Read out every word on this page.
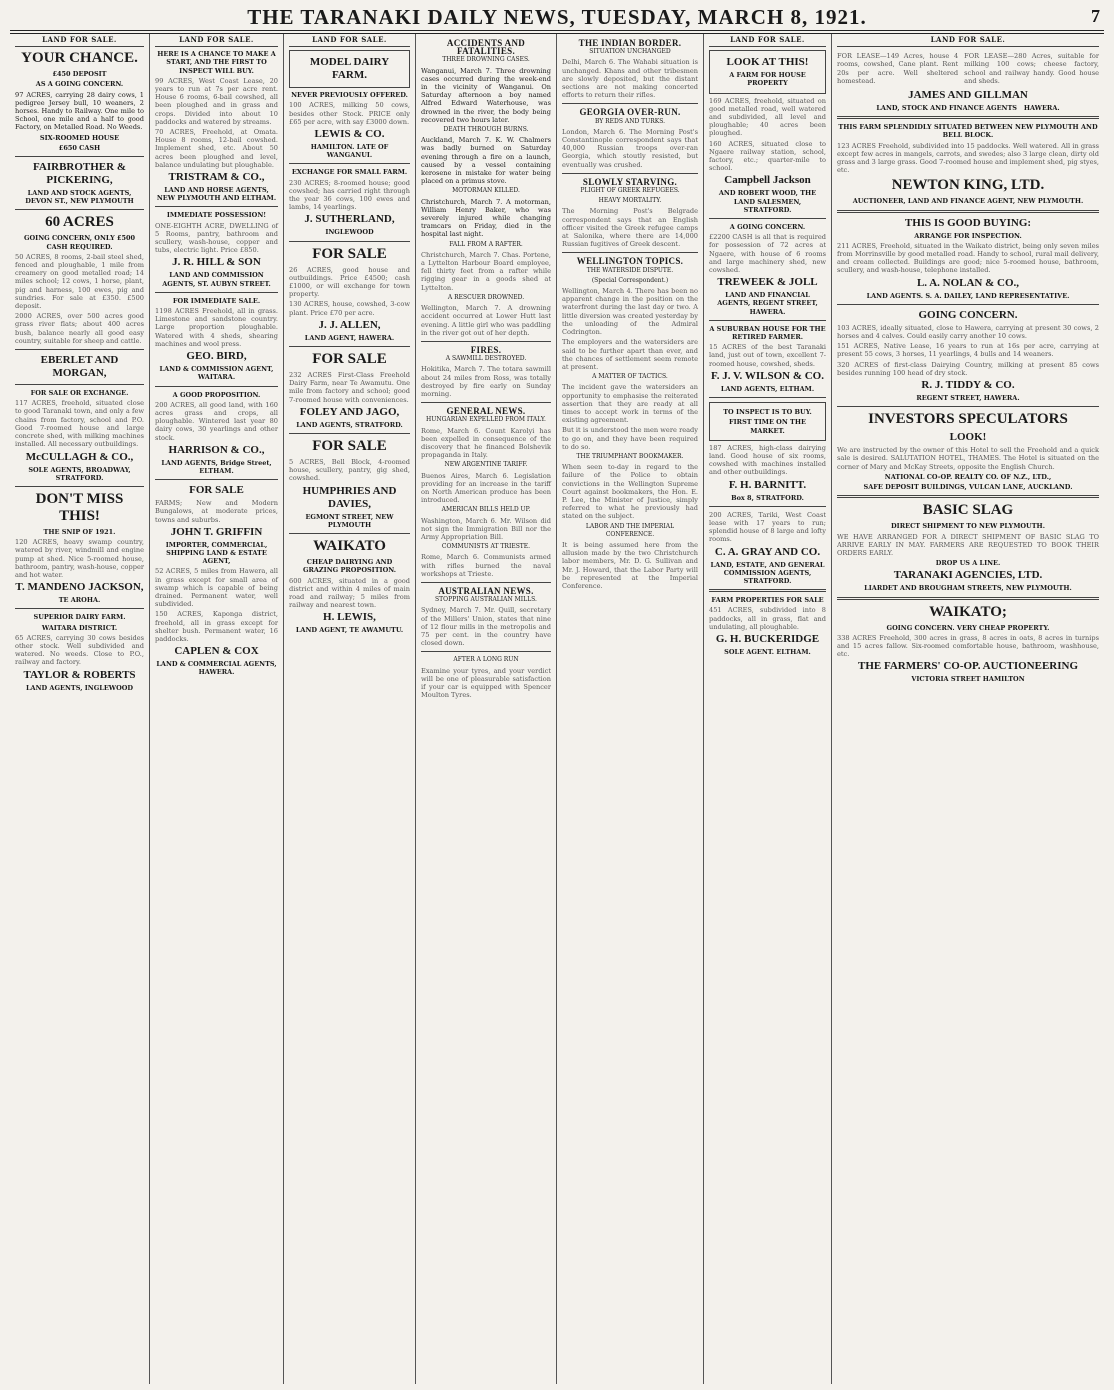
THE TARANAKI DAILY NEWS, TUESDAY, MARCH 8, 1921.	7
LAND FOR SALE.
YOUR CHANCE.
£450 DEPOSIT
AS A GOING CONCERN.

97 ACRES, carrying 28 dairy cows, 1 pedigree Jersey bull, 10 weaners, 2 horses. Handy to Railway. One mile to School, one mile and a half to good Factory, on Metalled Road. No Weeds.

SIX-ROOMED HOUSE
£650 CASH
FAIRBROTHER & PICKERING,
LAND AND STOCK AGENTS, DEVON ST., NEW PLYMOUTH
60 ACRES
GOING CONCERN, ONLY £500 CASH REQUIRED.

50 ACRES, 8 rooms, 2-bail steel shed, fenced and ploughable, 1 mile from creamery on good metalled road; 14 miles school; 12 cows, 1 horse, plant, pig and harness, 100 ewes, pig and sundries. For sale at £350. £500 deposit.

2000 ACRES, over 500 acres good grass river flats; about 400 acres bush, balance nearly all good easy country, suitable for sheep and cattle.

EBERLET AND MORGAN,
FOR SALE OR EXCHANGE.

117 ACRES, freehold, situated close to good Taranaki town, and only a few chains from factory, school and P.O. Good 7-roomed house and large concrete shed, with milking machines installed. All necessary outbuildings.

McCULLAGH & CO.,
SOLE AGENTS, BROADWAY, STRATFORD.
DON'T MISS THIS!
THE SNIP OF 1921.

120 ACRES, heavy swamp country, watered by river, windmill and engine pump at shed. Nice 5-roomed house, bathroom, pantry, wash-house, copper and hot water.

T. MANDENO JACKSON,
TE AROHA.
SUPERIOR DAIRY FARM.
WAITARA DISTRICT.

65 ACRES, carrying 30 cows besides other stock. Well subdivided and watered. No weeds. Close to P.O., railway and factory.

TAYLOR & ROBERTS
LAND AGENTS, INGLEWOOD
LAND FOR SALE.
HERE IS A CHANCE TO MAKE A START, AND THE FIRST TO INSPECT WILL BUY.

99 ACRES, West Coast Lease, 20 years to run at 7s per acre rent. House 6 rooms, 6-bail cowshed, all been ploughed and in grass and crops. Divided into about 10 paddocks and watered by streams.

70 ACRES, Freehold, at Omata. House 8 rooms, 12-bail cowshed. Implement shed, etc. About 50 acres been ploughed and level, balance undulating but ploughable.

TRISTRAM & CO.,
LAND AND HORSE AGENTS, NEW PLYMOUTH AND ELTHAM.
IMMEDIATE POSSESSION!

ONE-EIGHTH ACRE, DWELLING of 5 Rooms, pantry, bathroom and scullery, wash-house, copper and tubs, electric light. Price £850.

J. R. HILL & SON
LAND AND COMMISSION AGENTS, ST. AUBYN STREET.
FOR IMMEDIATE SALE.

1198 ACRES Freehold, all in grass. Limestone and sandstone country. Large proportion ploughable. Watered with 4 sheds, shearing machines and wool press.

GEO. BIRD,
LAND & COMMISSION AGENT, WAITARA.
A GOOD PROPOSITION.

200 ACRES, all good land, with 160 acres grass and crops, all ploughable. Wintered last year 80 dairy cows, 30 yearlings and other stock.

HARRISON & CO.,
LAND AGENTS, Bridge Street, ELTHAM.
FOR SALE

FARMS; New and Modern Bungalows, at moderate prices, towns and suburbs.

JOHN T. GRIFFIN
IMPORTER, COMMERCIAL, SHIPPING LAND & ESTATE AGENT,

52 ACRES, 5 miles from Hawera, all in grass except for small area of swamp which is capable of being drained. Permanent water, well subdivided.

150 ACRES, Kaponga district, freehold, all in grass except for shelter bush. Permanent water, 16 paddocks.

CAPLEN & COX
LAND & COMMERCIAL AGENTS, HAWERA.
LAND FOR SALE.
MODEL DAIRY FARM.
NEVER PREVIOUSLY OFFERED.

100 ACRES, milking 50 cows, besides other Stock. PRICE only £65 per acre, with say £3000 down.

LEWIS & CO.
HAMILTON. LATE OF WANGANUI.
EXCHANGE FOR SMALL FARM.

230 ACRES; 8-roomed house; good cowshed; has carried right through the year 36 cows, 100 ewes and lambs, 14 yearlings.

J. SUTHERLAND,
INGLEWOOD
FOR SALE

26 ACRES, good house and outbuildings. Price £4500; cash £1000, or will exchange for town property.

130 ACRES, house, cowshed, 3-cow plant. Price £70 per acre.

J. J. ALLEN,
LAND AGENT, HAWERA.
FOR SALE

232 ACRES First-Class Freehold Dairy Farm, near Te Awamutu. One mile from factory and school; good 7-roomed house with conveniences.

FOLEY AND JAGO,
LAND AGENTS, STRATFORD.
FOR SALE

5 ACRES, Bell Block, 4-roomed house, scullery, pantry, gig shed, cowshed.

HUMPHRIES AND DAVIES,
EGMONT STREET, NEW PLYMOUTH
WAIKATO
CHEAP DAIRYING AND GRAZING PROPOSITION.

600 ACRES, situated in a good district and within 4 miles of main road and railway; 5 miles from railway and nearest town.

H. LEWIS,
LAND AGENT, TE AWAMUTU.
ACCIDENTS AND FATALITIES.
THREE DROWNING CASES.

Wanganui, March 7. Three drowning cases occurred during the week-end in the vicinity of Wanganui. On Saturday afternoon a boy named Alfred Edward Waterhouse, was drowned in the river, the body being recovered two hours later.

DEATH THROUGH BURNS.

Auckland, March 7. K. W. Chalmers was badly burned on Saturday evening through a fire on a launch, caused by a vessel containing kerosene in mistake for water being placed on a primus stove.

MOTORMAN KILLED.

Christchurch, March 7. A motorman, William Henry Baker, who was severely injured while changing tramcars on Friday, died in the hospital last night.

FALL FROM A RAFTER.

Christchurch, March 7. Chas. Portene, a Lyttelton Harbour Board employee, fell thirty feet from a rafter while rigging gear in a goods shed at Lyttelton.

A RESCUER DROWNED.

Wellington, March 7. A drowning accident occurred at Lower Hutt last evening. A little girl who was paddling in the river got out of her depth.

FIRES.
A SAWMILL DESTROYED.

Hokitika, March 7. The totara sawmill about 24 miles from Ross, was totally destroyed by fire early on Sunday morning.

GENERAL NEWS.
HUNGARIAN EXPELLED FROM ITALY.

Rome, March 6. Count Karolyi has been expelled in consequence of the discovery that he financed Bolshevik propaganda in Italy.

NEW ARGENTINE TARIFF.

Buenos Aires, March 6. Legislation providing for an increase in the tariff on North American produce has been introduced.

AMERICAN BILLS HELD UP.

Washington, March 6. Mr. Wilson did not sign the Immigration Bill nor the Army Appropriation Bill.

COMMUNISTS AT TRIESTE.

Rome, March 6. Communists armed with rifles burned the naval workshops at Trieste.

AUSTRALIAN NEWS.
STOPPING AUSTRALIAN MILLS.

Sydney, March 7. Mr. Quill, secretary of the Millers' Union, states that nine of 12 flour mills in the metropolis and 75 per cent. in the country have closed down.

AFTER A LONG RUN

Examine your tyres, and your verdict will be one of pleasurable satisfaction if your car is equipped with Spencer Moulton Tyres.

THE INDIAN BORDER.
SITUATION UNCHANGED

Delhi, March 6. The Wahabi situation is unchanged. Khans and other tribesmen are slowly deposited, but the distant sections are not making concerted efforts to return their rifles.

GEORGIA OVER-RUN.
BY REDS AND TURKS.

London, March 6. The Morning Post's Constantinople correspondent says that 40,000 Russian troops over-ran Georgia, which stoutly resisted, but eventually was crushed.

SLOWLY STARVING.
PLIGHT OF GREEK REFUGEES.
HEAVY MORTALITY.

The Morning Post's Belgrade correspondent says that an English officer visited the Greek refugee camps at Salonika, where there are 14,000 Russian fugitives of Greek descent.

WELLINGTON TOPICS.
THE WATERSIDE DISPUTE.
(Special Correspondent.)

Wellington, March 4. There has been no apparent change in the position on the waterfront during the last day or two. A little diversion was created yesterday by the unloading of the Admiral Codrington.

The employers and the watersiders are said to be further apart than ever, and the chances of settlement seem remote at present.

A MATTER OF TACTICS.

The incident gave the watersiders an opportunity to emphasise the reiterated assertion that they are ready at all times to accept work in terms of the existing agreement.

But it is understood the men were ready to go on, and they have been required to do so.

THE TRIUMPHANT BOOKMAKER.

When seen to-day in regard to the failure of the Police to obtain convictions in the Wellington Supreme Court against bookmakers, the Hon. E. P. Lee, the Minister of Justice, simply referred to what he previously had stated on the subject.

LABOR AND THE IMPERIAL CONFERENCE.

It is being assumed here from the allusion made by the two Christchurch labor members, Mr. D. G. Sullivan and Mr. J. Howard, that the Labor Party will be represented at the Imperial Conference.

LAND FOR SALE.
LOOK AT THIS!
A FARM FOR HOUSE PROPERTY

169 ACRES, freehold, situated on good metalled road, well watered and subdivided, all level and ploughable; 40 acres been ploughed.

160 ACRES, situated close to Ngaere railway station, school, factory, etc.; quarter-mile to school.

Campbell Jackson
AND ROBERT WOOD, THE LAND SALESMEN, STRATFORD.
A GOING CONCERN.

£2200 CASH is all that is required for possession of 72 acres at Ngaere, with house of 6 rooms and large machinery shed, new cowshed.

TREWEEK & JOLL
LAND AND FINANCIAL AGENTS, REGENT STREET, HAWERA.
A SUBURBAN HOUSE FOR THE RETIRED FARMER.

15 ACRES of the best Taranaki land, just out of town, excellent 7-roomed house, cowshed, sheds.

F. J. V. WILSON & CO.
LAND AGENTS, ELTHAM.
TO INSPECT IS TO BUY.
FIRST TIME ON THE MARKET.

187 ACRES, high-class dairying land. Good house of six rooms, cowshed with machines installed and other outbuildings.

F. H. BARNITT.
Box 8, STRATFORD.

200 ACRES, Tariki, West Coast lease with 17 years to run; splendid house of 8 large and lofty rooms.

C. A. GRAY AND CO.
LAND, ESTATE, AND GENERAL COMMISSION AGENTS, STRATFORD.
FARM PROPERTIES FOR SALE

451 ACRES, subdivided into 8 paddocks, all in grass, flat and undulating, all ploughable.

G. H. BUCKERIDGE
SOLE AGENT. ELTHAM.
LAND FOR SALE.

FOR LEASE—149 Acres, house 4 rooms, cowshed, Cane plant. Rent 20s per acre. Well sheltered homestead.

FOR LEASE—280 Acres, suitable for milking 100 cows; cheese factory, school and railway handy. Good house and sheds.

JAMES AND GILLMAN
LAND, STOCK AND FINANCE AGENTS HAWERA.
THIS FARM SPLENDIDLY SITUATED BETWEEN NEW PLYMOUTH AND BELL BLOCK.

123 ACRES Freehold, subdivided into 15 paddocks. Well watered. All in grass except few acres in mangels, carrots, and swedes; also 3 large clean, dirty old grass and 3 large grass. Good 7-roomed house and implement shed, pig styes, etc.

NEWTON KING, LTD.
AUCTIONEER, LAND AND FINANCE AGENT, NEW PLYMOUTH.
THIS IS GOOD BUYING:
ARRANGE FOR INSPECTION.

211 ACRES, Freehold, situated in the Waikato district, being only seven miles from Morrinsville by good metalled road. Handy to school, rural mail delivery, and cream collected. Buildings are good; nice 5-roomed house, bathroom, scullery, and wash-house, telephone installed.

L. A. NOLAN & CO.,
LAND AGENTS. S. A. DAILEY, LAND REPRESENTATIVE.
GOING CONCERN.

103 ACRES, ideally situated, close to Hawera, carrying at present 30 cows, 2 horses and 4 calves. Could easily carry another 10 cows.

151 ACRES, Native Lease, 16 years to run at 16s per acre, carrying at present 55 cows, 3 horses, 11 yearlings, 4 bulls and 14 weaners.

320 ACRES of first-class Dairying Country, milking at present 85 cows besides running 100 head of dry stock.

R. J. TIDDY & CO.
REGENT STREET, HAWERA.
INVESTORS SPECULATORS
LOOK!

We are instructed by the owner of this Hotel to sell the Freehold and a quick sale is desired. SALUTATION HOTEL, THAMES. The Hotel is situated on the corner of Mary and McKay Streets, opposite the English Church.

NATIONAL CO-OP. REALTY CO. OF N.Z., LTD.,
SAFE DEPOSIT BUILDINGS, VULCAN LANE, AUCKLAND.
BASIC SLAG
DIRECT SHIPMENT TO NEW PLYMOUTH.

WE HAVE ARRANGED FOR A DIRECT SHIPMENT OF BASIC SLAG TO ARRIVE EARLY IN MAY. FARMERS ARE REQUESTED TO BOOK THEIR ORDERS EARLY.

DROP US A LINE.
TARANAKI AGENCIES, LTD.
LIARDET AND BROUGHAM STREETS, NEW PLYMOUTH.
WAIKATO;
GOING CONCERN. VERY CHEAP PROPERTY.

338 ACRES Freehold, 300 acres in grass, 8 acres in oats, 8 acres in turnips and 15 acres fallow. Six-roomed comfortable house, bathroom, washhouse, etc.

THE FARMERS' CO-OP. AUCTIONEERING
VICTORIA STREET HAMILTON
